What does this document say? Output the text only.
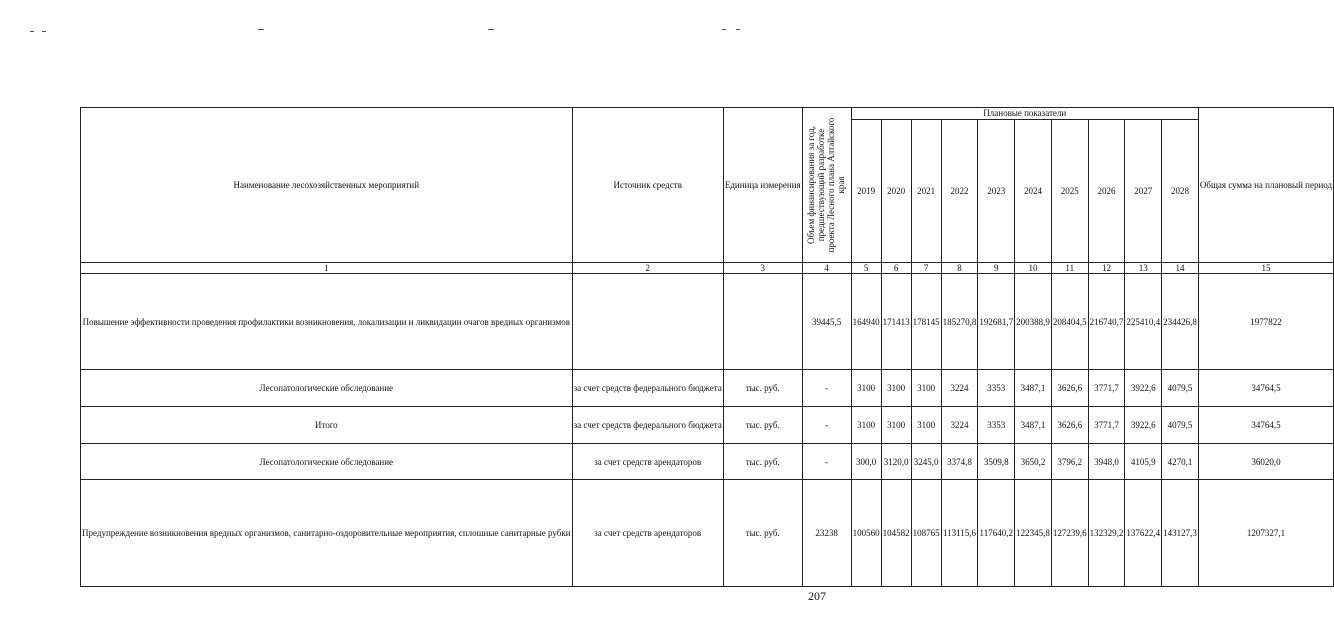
Наименование лесохозяйственных мероприятий	Источник средств	Единица измерения	Объем финансирования за год, предшествующий разработке проекта Лесного плана Алтайского края	Плановые показатели										Общая сумма на плановый период
				2019	2020	2021	2022	2023	2024	2025	2026	2027	2028	
1	2	3	4	5	6	7	8	9	10	11	12	13	14	15
Повышение эффективности проведения профилактики возникновения, локализации и ликвидации очагов вредных организмов			39445,5	164940	171413	178145	185270,8	192681,7	200388,9	208404,5	216740,7	225410,4	234426,8	1977822
Лесопатологические обследование	за счет средств федерального бюджета	тыс. руб.	-	3100	3100	3100	3224	3353	3487,1	3626,6	3771,7	3922,6	4079,5	34764,5
Итого	за счет средств федерального бюджета	тыс. руб.	-	3100	3100	3100	3224	3353	3487,1	3626,6	3771,7	3922,6	4079,5	34764,5
Лесопатологические обследование	за счет средств арендаторов	тыс. руб.	-	300,0	3120,0	3245,0	3374,8	3509,8	3650,2	3796,2	3948,0	4105,9	4270,1	36020,0
Предупреждение возникновения вредных организмов, санитарно-оздоровительные мероприятия, сплошные санитарные рубки	за счет средств арендаторов	тыс. руб.	23238	100560	104582	108765	113115,6	117640,2	122345,8	127239,6	132329,2	137622,4	143127,3	1207327,1
207
